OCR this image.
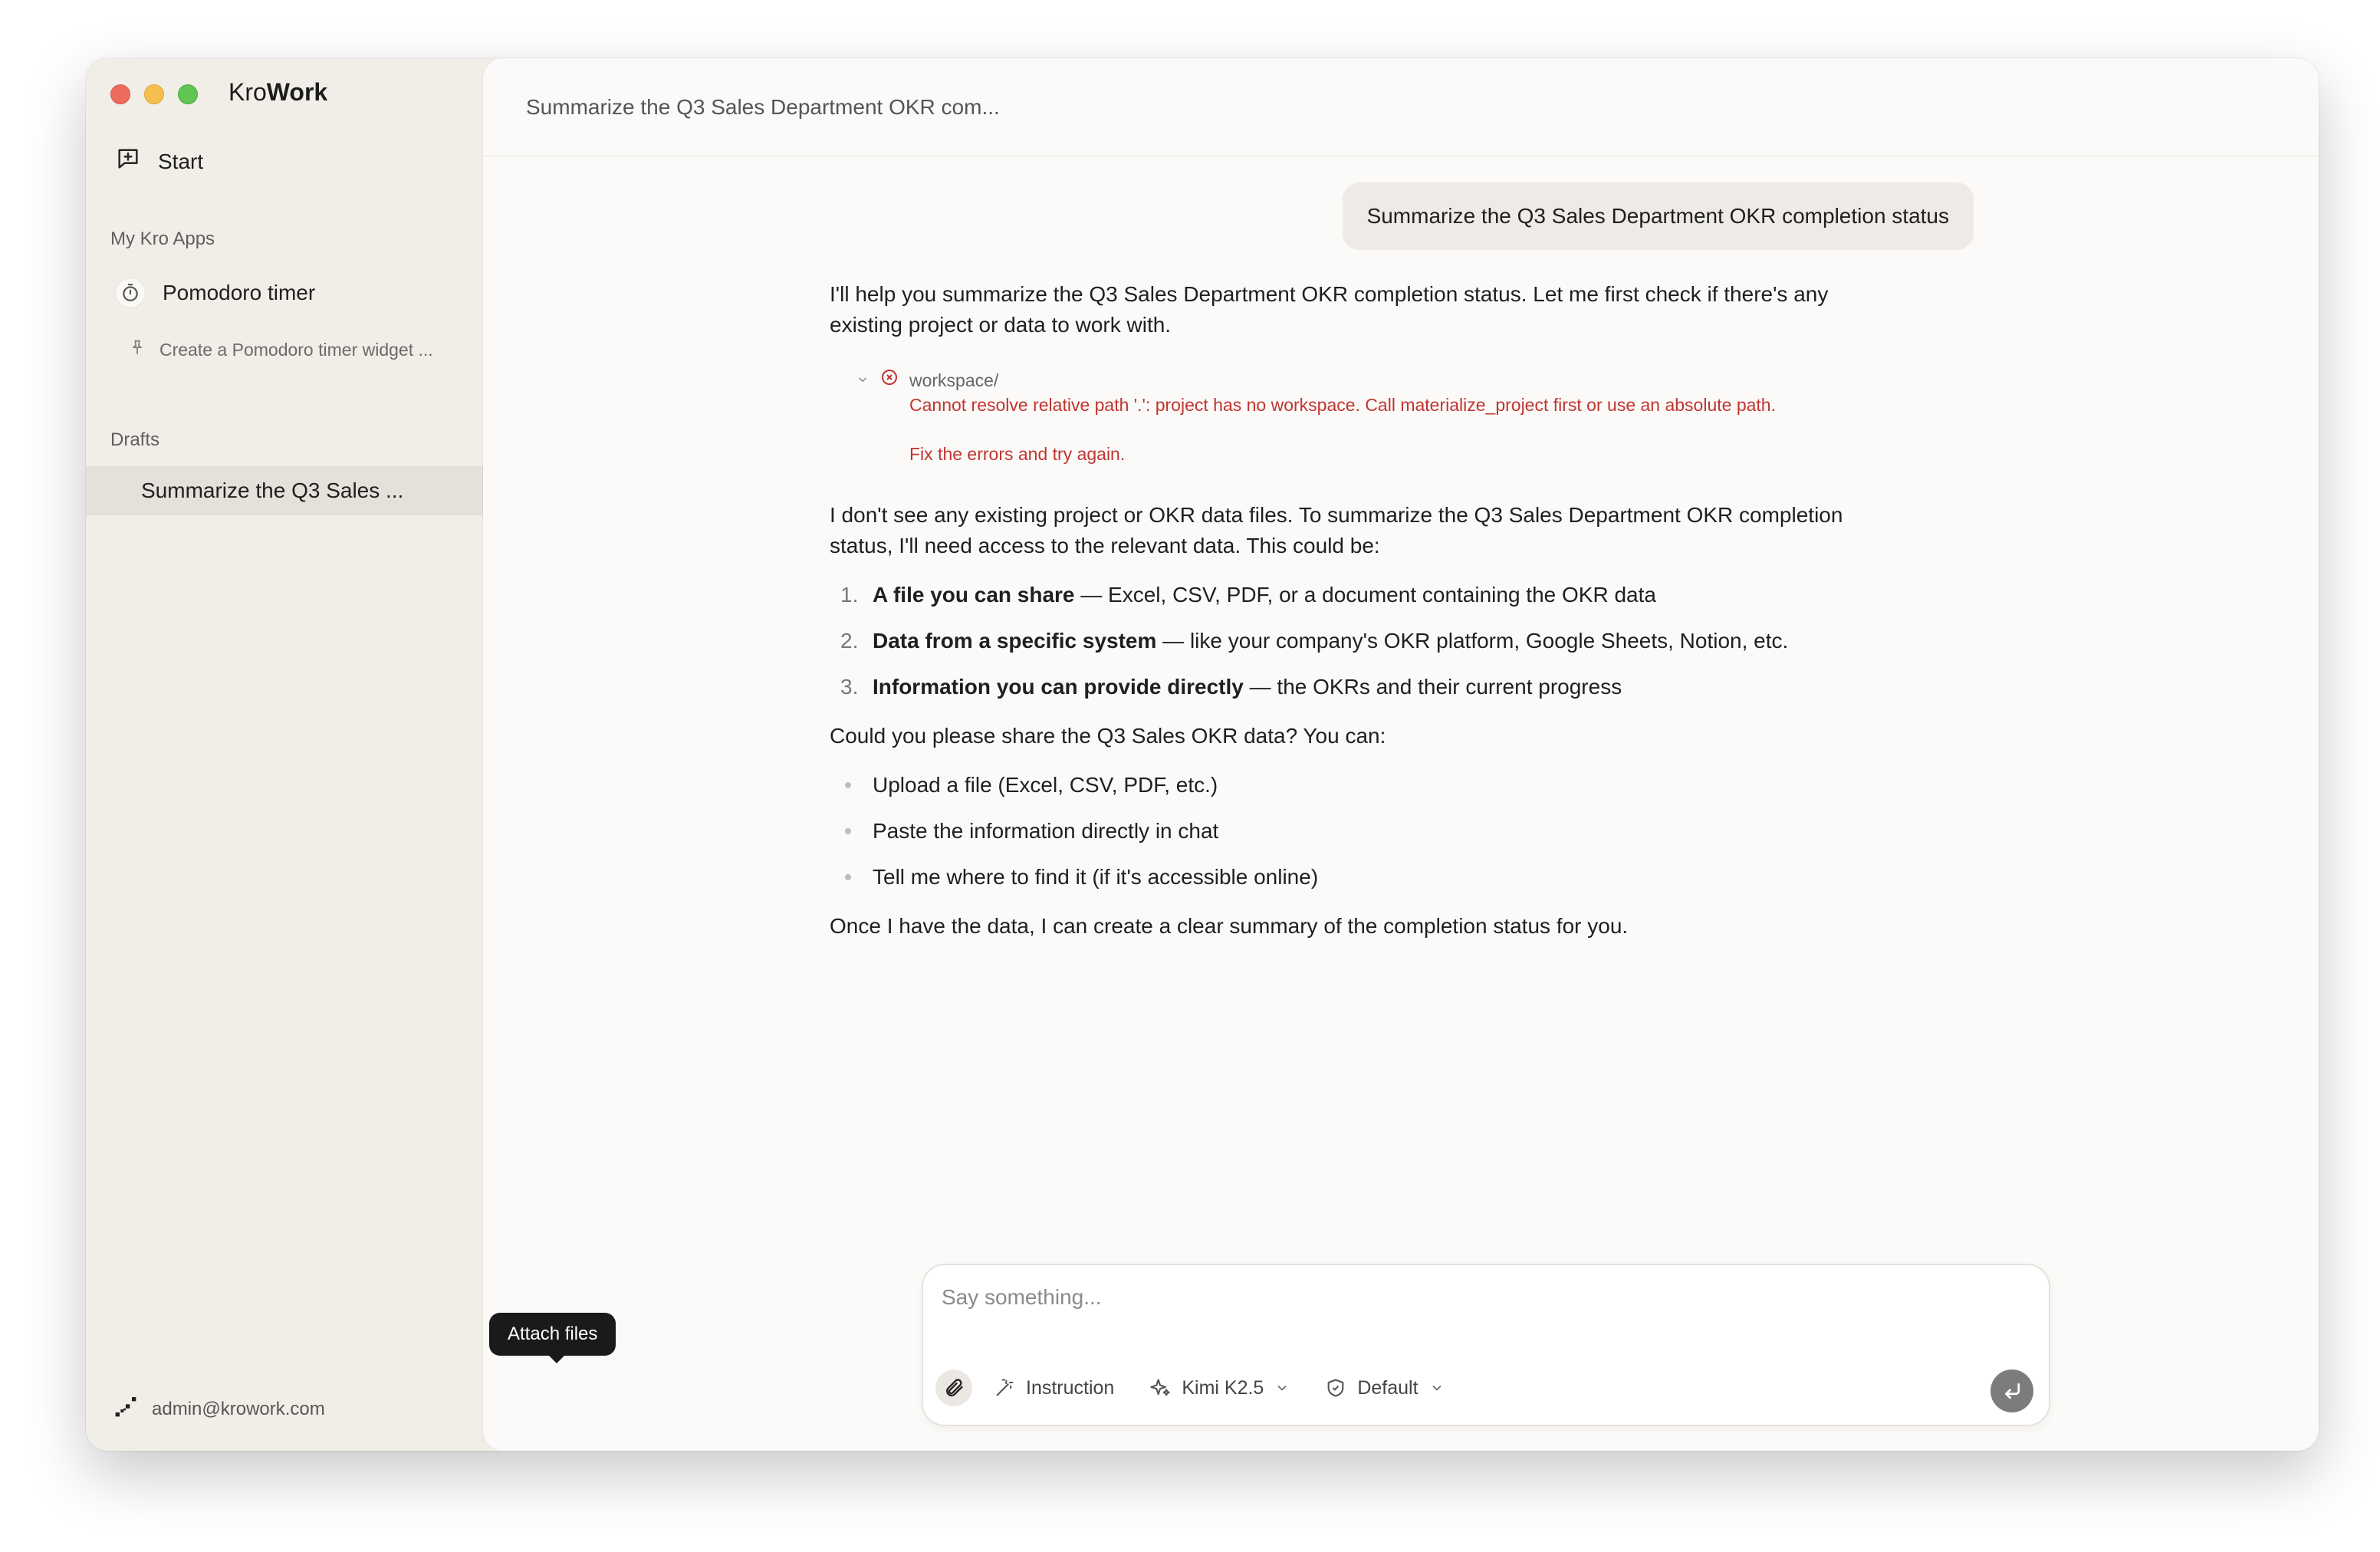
KroWork
Start
My Kro Apps
Pomodoro timer
Create a Pomodoro timer widget ...
Drafts
Summarize the Q3 Sales ...
admin@krowork.com
Summarize the Q3 Sales Department OKR com...
Summarize the Q3 Sales Department OKR completion status

I'll help you summarize the Q3 Sales Department OKR completion status. Let me first check if there's any existing project or data to work with.

workspace/
Cannot resolve relative path '.': project has no workspace. Call materialize_project first or use an absolute path.
Fix the errors and try again.

I don't see any existing project or OKR data files. To summarize the Q3 Sales Department OKR completion status, I'll need access to the relevant data. This could be:

1. A file you can share — Excel, CSV, PDF, or a document containing the OKR data
2. Data from a specific system — like your company's OKR platform, Google Sheets, Notion, etc.
3. Information you can provide directly — the OKRs and their current progress

Could you please share the Q3 Sales OKR data? You can:

Upload a file (Excel, CSV, PDF, etc.)
Paste the information directly in chat
Tell me where to find it (if it's accessible online)

Once I have the data, I can create a clear summary of the completion status for you.

Say something...
Instruction	Kimi K2.5	Default
Attach files
